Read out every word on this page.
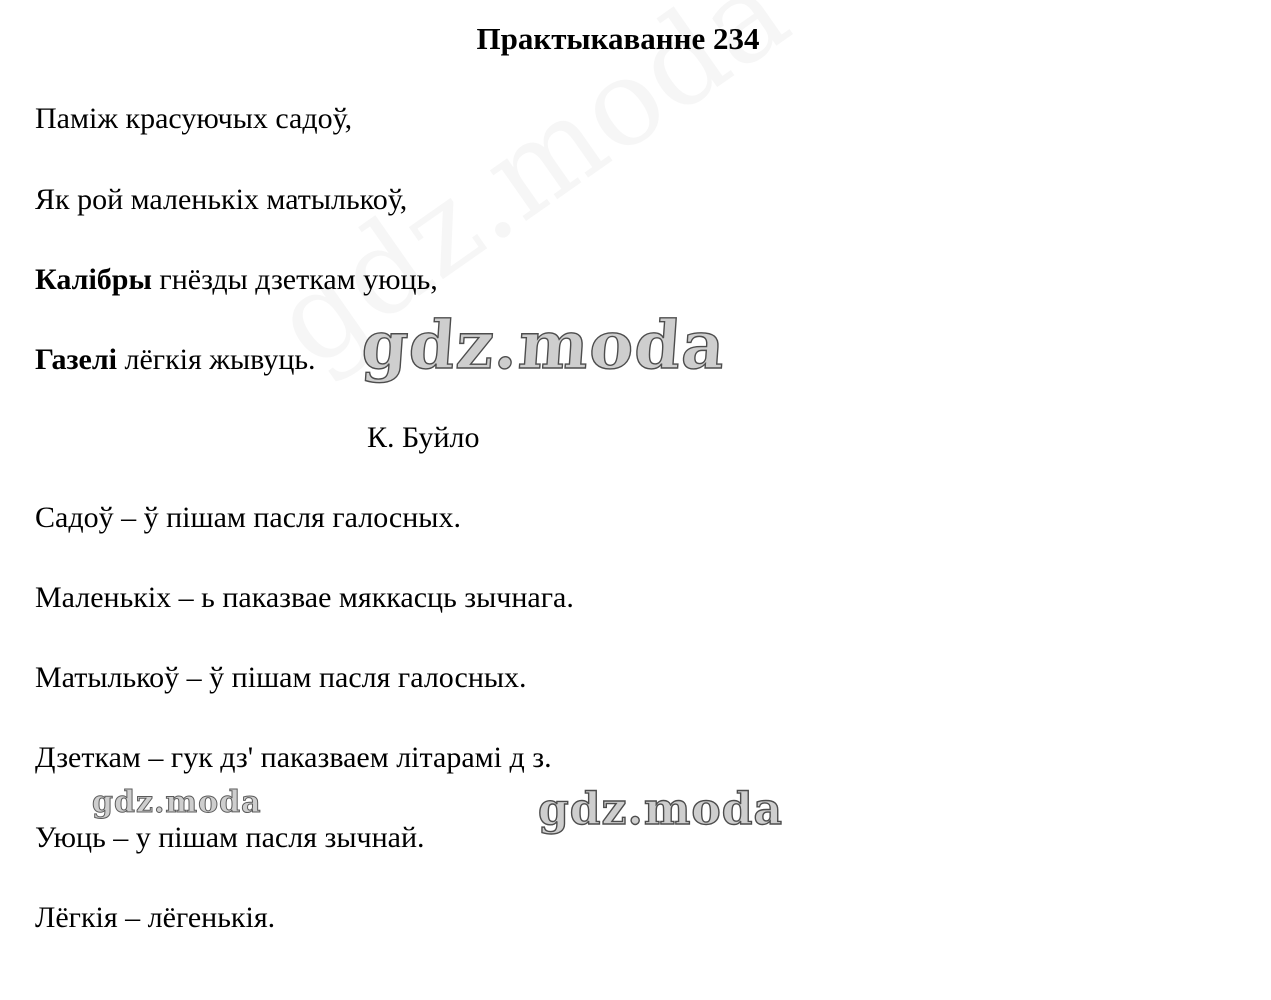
Практыкаванне 234
Паміж красуючых садоў,
Як рой маленькіх матылькоў,
Калібры гнёзды дзеткам уюць,
Газелі лёгкія жывуць.
К. Буйло
Садоў – ў пішам пасля галосных.
Маленькіх – ь паказвае мяккасць зычнага.
Матылькоў – ў пішам пасля галосных.
Дзеткам – гук дз' паказваем літарамі д з.
Уюць – у пішам пасля зычнай.
Лёгкія – лёгенькія.
gdz.moda
gdz.moda	gdz.moda
